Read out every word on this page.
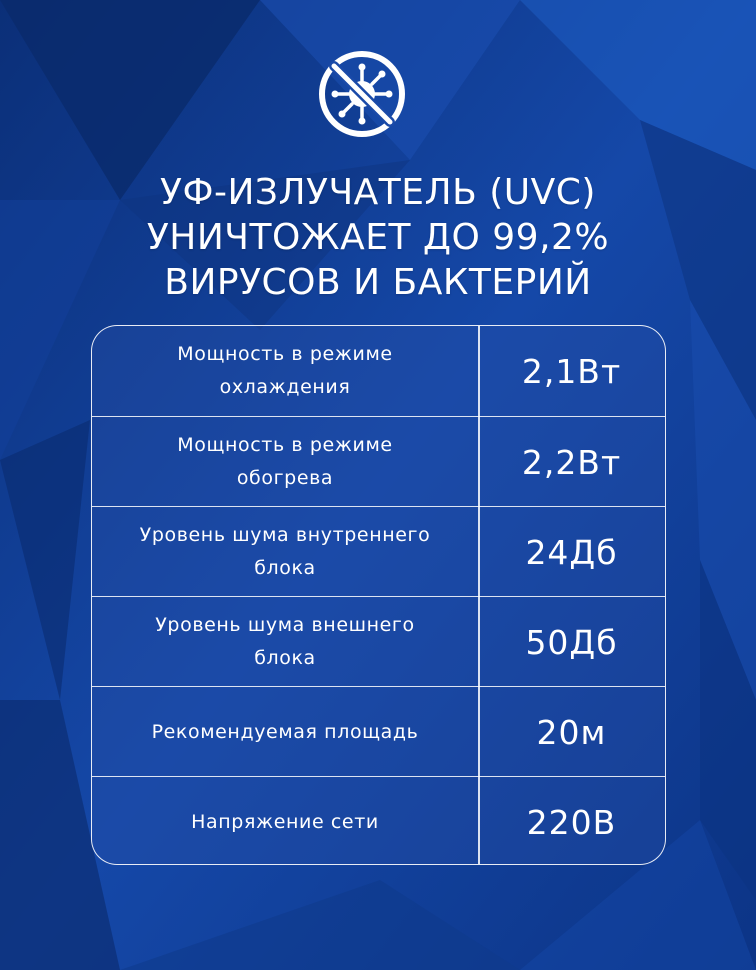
УФ-ИЗЛУЧАТЕЛЬ (UVC)
УНИЧТОЖАЕТ ДО 99,2%
ВИРУСОВ И БАКТЕРИЙ
Мощность в режиме
охлаждения	2,1Вт
Мощность в режиме
обогрева	2,2Вт
Уровень шума внутреннего
блока	24Дб
Уровень шума внешнего
блока	50Дб
Рекомендуемая площадь	20м
Напряжение сети	220В
